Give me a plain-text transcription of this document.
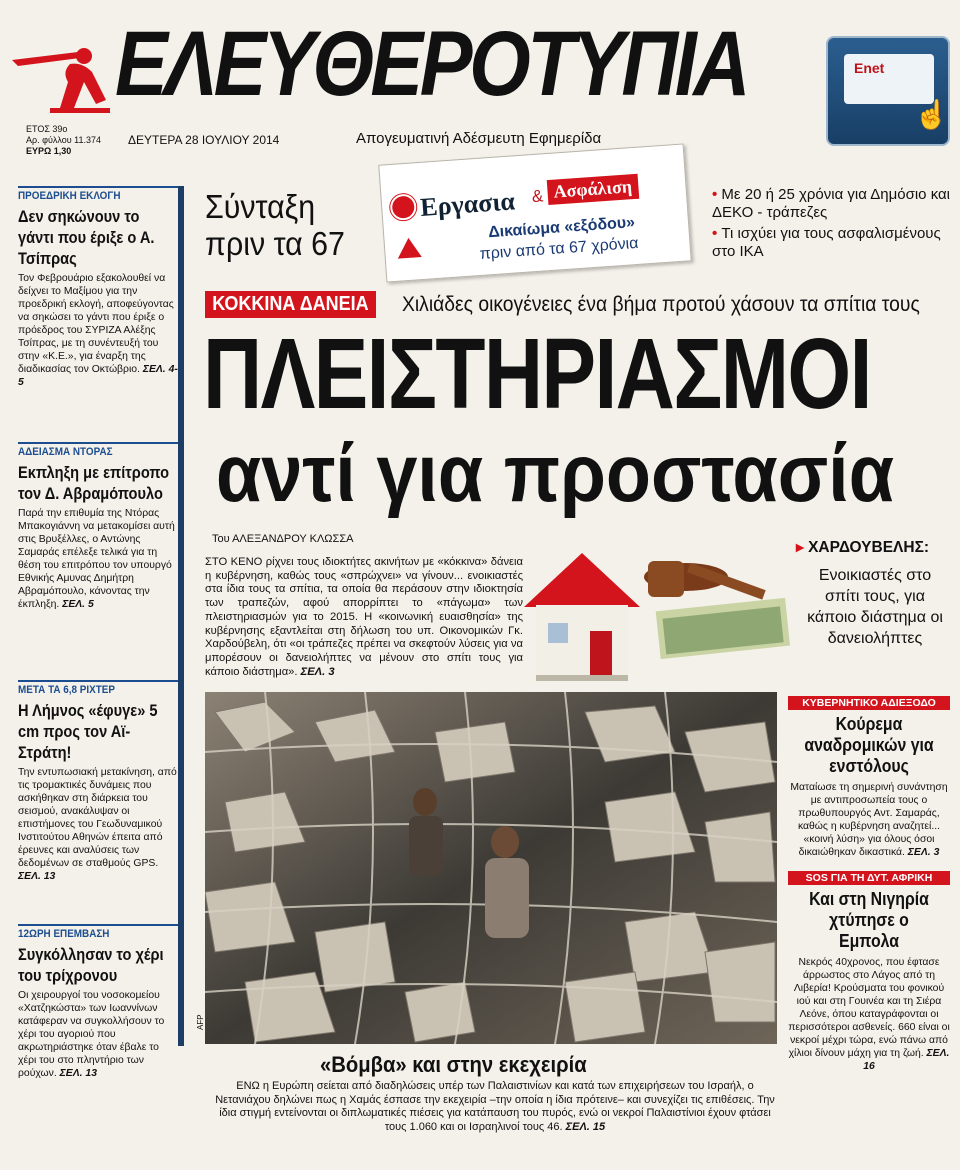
ΕΛΕΥΘΕΡΟΤΥΠΙΑ
ΕΤΟΣ 39ο
Αρ. φύλλου 11.374
ΕΥΡΩ 1,30
ΔΕΥΤΕΡΑ 28 ΙΟΥΛΙΟΥ 2014	Απογευματινή Αδέσμευτη Εφημερίδα
Enet
☝
ΠΡΟΕΔΡΙΚΗ ΕΚΛΟΓΗ
Δεν σηκώνουν το γάντι που έριξε ο Α. Τσίπρας
Τον Φεβρουάριο εξακολουθεί να δείχνει το Μαξίμου για την προεδρική εκλογή, αποφεύγοντας να σηκώσει το γάντι που έριξε ο πρόεδρος του ΣΥΡΙΖΑ Αλέξης Τσίπρας, με τη συνέντευξή του στην «Κ.Ε.», για έναρξη της διαδικασίας τον Οκτώβριο. ΣΕΛ. 4-5
ΑΔΕΙΑΣΜΑ ΝΤΟΡΑΣ
Εκπληξη με επίτροπο τον Δ. Αβραμόπουλο
Παρά την επιθυμία της Ντόρας Μπακογιάννη να μετακομίσει αυτή στις Βρυξέλλες, ο Αντώνης Σαμαράς επέλεξε τελικά για τη θέση του επιτρόπου τον υπουργό Εθνικής Αμυνας Δημήτρη Αβραμόπουλο, κάνοντας την έκπληξη. ΣΕΛ. 5
ΜΕΤΑ ΤΑ 6,8 ΡΙΧΤΕΡ
Η Λήμνος «έφυγε» 5 cm προς τον Αϊ-Στράτη!
Την εντυπωσιακή μετακίνηση, από τις τρομακτικές δυνάμεις που ασκήθηκαν στη διάρκεια του σεισμού, ανακάλυψαν οι επιστήμονες του Γεωδυναμικού Ινστιτούτου Αθηνών έπειτα από έρευνες και αναλύσεις των δεδομένων σε σταθμούς GPS. ΣΕΛ. 13
12ΩΡΗ ΕΠΕΜΒΑΣΗ
Συγκόλλησαν το χέρι του τρίχρονου
Οι χειρουργοί του νοσοκομείου «Χατζηκώστα» των Ιωαννίνων κατάφεραν να συγκολλήσουν το χέρι του αγοριού που ακρωτηριάστηκε όταν έβαλε το χέρι του στο πληντήριο των ρούχων. ΣΕΛ. 13
Σύνταξη
πριν τα 67
Εργασια & Ασφάλιση
Δικαίωμα «εξόδου»
πριν από τα 67 χρόνια
• Με 20 ή 25 χρόνια για Δημόσιο και ΔΕΚΟ - τράπεζες
• Τι ισχύει για τους ασφαλισμένους στο ΙΚΑ
ΚΟΚΚΙΝΑ ΔΑΝΕΙΑ	Χιλιάδες οικογένειες ένα βήμα προτού χάσουν τα σπίτια τους
ΠΛΕΙΣΤΗΡΙΑΣΜΟΙ
αντί για προστασία
Του ΑΛΕΞΑΝΔΡΟΥ ΚΛΩΣΣΑ
ΣΤΟ ΚΕΝΟ ρίχνει τους ιδιοκτήτες ακινήτων με «κόκκινα» δάνεια η κυβέρνηση, καθώς τους «σπρώχνει» να γίνουν... ενοικιαστές στα ίδια τους τα σπίτια, τα οποία θα περάσουν στην ιδιοκτησία των τραπεζών, αφού απορρίπτει το «πάγωμα» των πλειστηριασμών για το 2015. Η «κοινωνική ευαισθησία» της κυβέρνησης εξαντλείται στη δήλωση του υπ. Οικονομικών Γκ. Χαρδούβελη, ότι «οι τράπεζες πρέπει να σκεφτούν λύσεις για να μπορέσουν οι δανειολήπτες να μένουν στο σπίτι τους για κάποιο διάστημα». ΣΕΛ. 3
▸ ΧΑΡΔΟΥΒΕΛΗΣ:
Ενοικιαστές στο σπίτι τους, για κάποιο διάστημα οι δανειολήπτες
AFP
«Βόμβα» και στην εκεχειρία
ΕΝΩ η Ευρώπη σείεται από διαδηλώσεις υπέρ των Παλαιστινίων και κατά των επιχειρήσεων του Ισραήλ, ο Νετανιάχου δηλώνει πως η Χαμάς έσπασε την εκεχειρία –την οποία η ίδια πρότεινε– και συνεχίζει τις επιθέσεις. Την ίδια στιγμή εντείνονται οι διπλωματικές πιέσεις για κατάπαυση του πυρός, ενώ οι νεκροί Παλαιστίνιοι έχουν φτάσει τους 1.060 και οι Ισραηλινοί τους 46. ΣΕΛ. 15
ΚΥΒΕΡΝΗΤΙΚΟ ΑΔΙΕΞΟΔΟ
Κούρεμα αναδρομικών για ενστόλους
Ματαίωσε τη σημερινή συνάντηση με αντιπροσωπεία τους ο πρωθυπουργός Αντ. Σαμαράς, καθώς η κυβέρνηση αναζητεί... «κοινή λύση» για όλους όσοι δικαιώθηκαν δικαστικά. ΣΕΛ. 3
SOS ΓΙΑ ΤΗ ΔΥΤ. ΑΦΡΙΚΗ
Και στη Νιγηρία χτύπησε ο Εμπολα
Νεκρός 40χρονος, που έφτασε άρρωστος στο Λάγος από τη Λιβερία! Κρούσματα του φονικού ιού και στη Γουινέα και τη Σιέρα Λεόνε, όπου καταγράφονται οι περισσότεροι ασθενείς. 660 είναι οι νεκροί μέχρι τώρα, ενώ πάνω από χίλιοι δίνουν μάχη για τη ζωή. ΣΕΛ. 16
